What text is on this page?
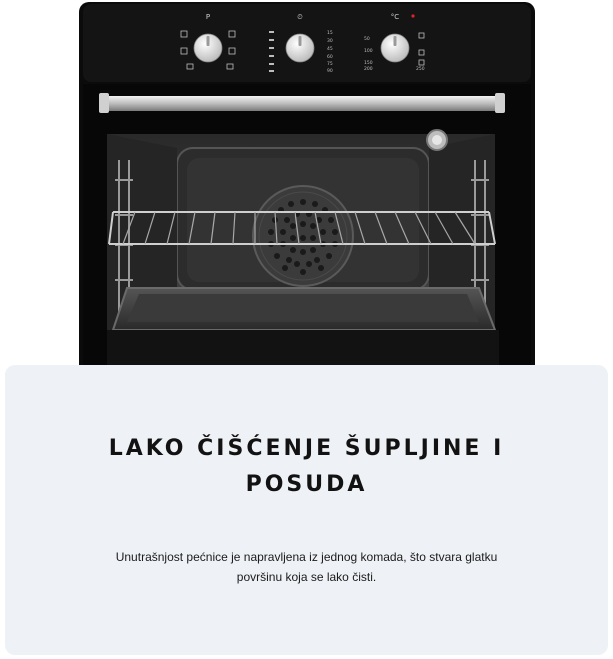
P	⏲	°C
15
30
45
60
75
90
50
100
150
200	250
LAKO ČIŠĆENJE ŠUPLJINE I POSUDA

Unutrašnjost pećnice je napravljena iz jednog komada, što stvara glatku površinu koja se lako čisti.
